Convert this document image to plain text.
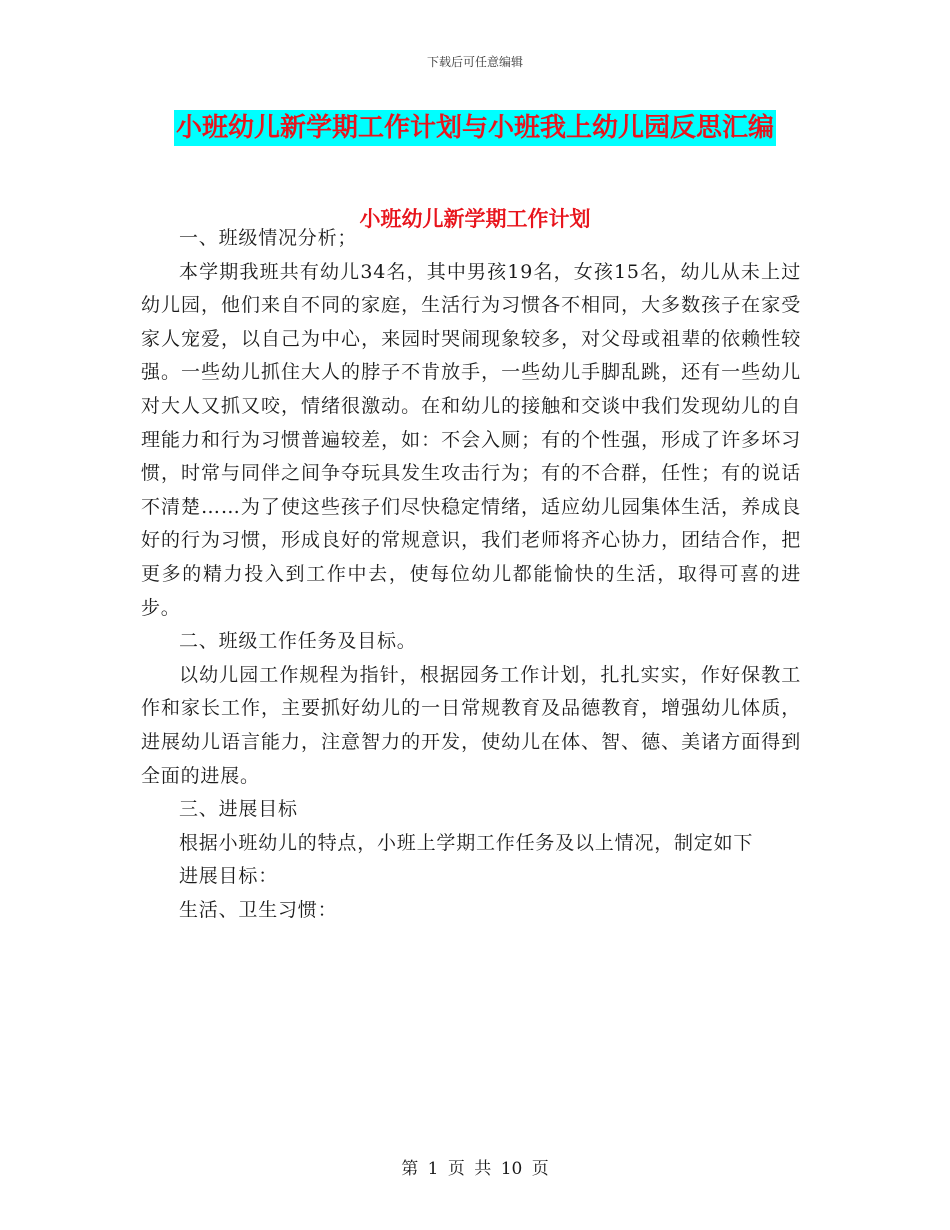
下载后可任意编辑
小班幼儿新学期工作计划与小班我上幼儿园反思汇编
小班幼儿新学期工作计划

一、班级情况分析；

本学期我班共有幼儿34名，其中男孩19名，女孩15名，幼儿从未上过幼儿园，他们来自不同的家庭，生活行为习惯各不相同，大多数孩子在家受家人宠爱，以自己为中心，来园时哭闹现象较多，对父母或祖辈的依赖性较强。一些幼儿抓住大人的脖子不肯放手，一些幼儿手脚乱跳，还有一些幼儿对大人又抓又咬，情绪很激动。在和幼儿的接触和交谈中我们发现幼儿的自理能力和行为习惯普遍较差，如：不会入厕；有的个性强，形成了许多坏习惯，时常与同伴之间争夺玩具发生攻击行为；有的不合群，任性；有的说话不清楚……为了使这些孩子们尽快稳定情绪，适应幼儿园集体生活，养成良好的行为习惯，形成良好的常规意识，我们老师将齐心协力，团结合作，把更多的精力投入到工作中去，使每位幼儿都能愉快的生活，取得可喜的进步。

二、班级工作任务及目标。

以幼儿园工作规程为指针，根据园务工作计划，扎扎实实，作好保教工作和家长工作，主要抓好幼儿的一日常规教育及品德教育，增强幼儿体质，进展幼儿语言能力，注意智力的开发，使幼儿在体、智、德、美诸方面得到全面的进展。

三、进展目标

根据小班幼儿的特点，小班上学期工作任务及以上情况，制定如下

进展目标：

生活、卫生习惯：

第 1 页 共 10 页
